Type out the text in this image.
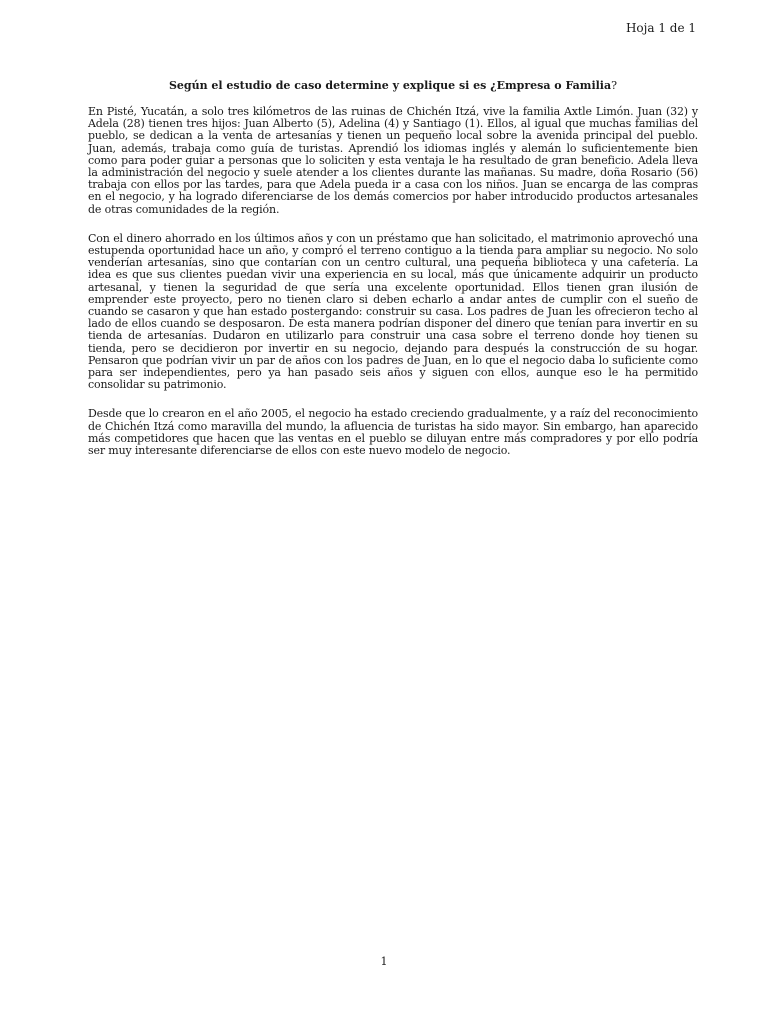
Hoja 1 de 1
Según el estudio de caso determine y explique si es ¿Empresa o Familia?

En Pisté, Yucatán, a solo tres kilómetros de las ruinas de Chichén Itzá, vive la familia Axtle Limón. Juan (32) y Adela (28) tienen tres hijos: Juan Alberto (5), Adelina (4) y Santiago (1). Ellos, al igual que muchas familias del pueblo, se dedican a la venta de artesanías y tienen un pequeño local sobre la avenida principal del pueblo. Juan, además, trabaja como guía de turistas. Aprendió los idiomas inglés y alemán lo suficientemente bien como para poder guiar a personas que lo soliciten y esta ventaja le ha resultado de gran beneficio. Adela lleva la administración del negocio y suele atender a los clientes durante las mañanas. Su madre, doña Rosario (56) trabaja con ellos por las tardes, para que Adela pueda ir a casa con los niños. Juan se encarga de las compras en el negocio, y ha logrado diferenciarse de los demás comercios por haber introducido productos artesanales de otras comunidades de la región.

Con el dinero ahorrado en los últimos años y con un préstamo que han solicitado, el matrimonio aprovechó una estupenda oportunidad hace un año, y compró el terreno contiguo a la tienda para ampliar su negocio. No solo venderían artesanías, sino que contarían con un centro cultural, una pequeña biblioteca y una cafetería. La idea es que sus clientes puedan vivir una experiencia en su local, más que únicamente adquirir un producto artesanal, y tienen la seguridad de que sería una excelente oportunidad. Ellos tienen gran ilusión de emprender este proyecto, pero no tienen claro si deben echarlo a andar antes de cumplir con el sueño de cuando se casaron y que han estado postergando: construir su casa. Los padres de Juan les ofrecieron techo al lado de ellos cuando se desposaron. De esta manera podrían disponer del dinero que tenían para invertir en su tienda de artesanías. Dudaron en utilizarlo para construir una casa sobre el terreno donde hoy tienen su tienda, pero se decidieron por invertir en su negocio, dejando para después la construcción de su hogar. Pensaron que podrían vivir un par de años con los padres de Juan, en lo que el negocio daba lo suficiente como para ser independientes, pero ya han pasado seis años y siguen con ellos, aunque eso le ha permitido consolidar su patrimonio.

Desde que lo crearon en el año 2005, el negocio ha estado creciendo gradualmente, y a raíz del reconocimiento de Chichén Itzá como maravilla del mundo, la afluencia de turistas ha sido mayor. Sin embargo, han aparecido más competidores que hacen que las ventas en el pueblo se diluyan entre más compradores y por ello podría ser muy interesante diferenciarse de ellos con este nuevo modelo de negocio.

1
